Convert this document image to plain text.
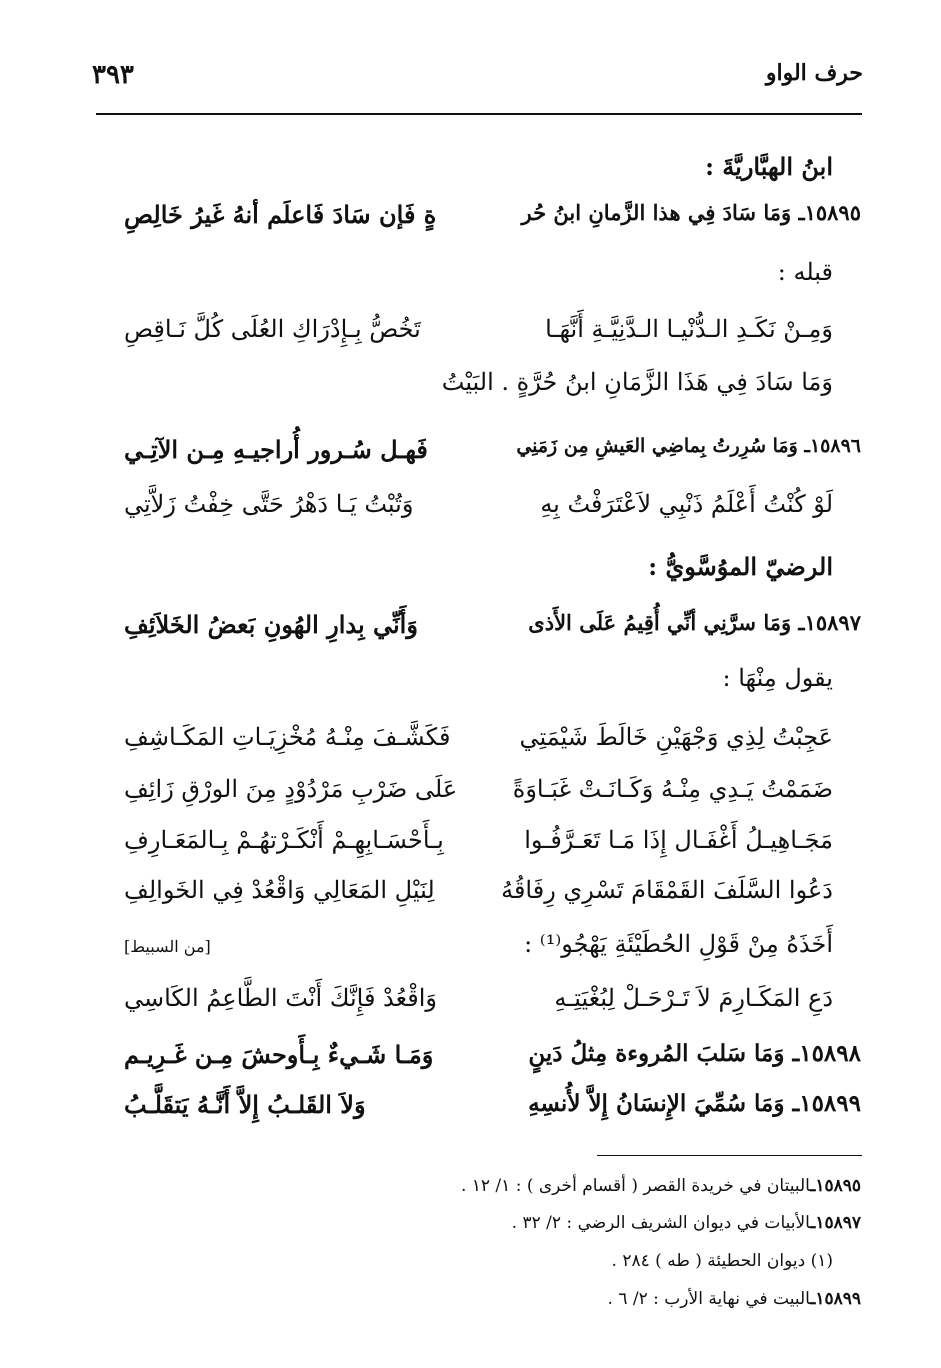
حرف الواو
٣٩٣
ابنُ الهبَّاريَّةَ :
١٥٨٩٥ـ وَمَا سَادَ فِي هذا الزَّمانِ ابنُ حُر
ةٍ فَإن سَادَ فَاعلَم أنهُ غَيرُ خَالِصِ
قبله :
وَمِـنْ نَكَـدِ الـدُّنْيـا الـدَّنِيَّـةِ أَنَّهَـا
تَخُصُّ بِـإِدْرَاكِ العُلَى كُلَّ نَـاقِصِ
وَمَا سَادَ فِي هَذَا الزَّمَانِ ابنُ حُرَّةٍ . البَيْتُ
١٥٨٩٦ـ وَمَا سُرِرتُ بِماضِي العَيشِ مِن زَمَنِي
فَهـل سُـرور أُراجيـهِ مِـن الآتِـي
لَوْ كُنْتُ أَعْلَمُ ذَنْبِي لاَعْتَرَفْتُ بِهِ
وَتُبْتُ يَـا دَهْرُ حَتَّى خِفْتُ زَلاَّتِي
الرضيّ الموُسَّويُّ :
١٥٨٩٧ـ وَمَا سرَّنِي أنِّي أُقِيمُ عَلَى الأَذى
وَأَنِّي بِدارِ الهُونِ بَعضُ الخَلاَئِفِ
يقول مِنْهَا :
عَجِبْتُ لِذِي وَجْهَيْنِ خَالَطَ شَيْمَتِي
فَكَشَّـفَ مِنْـهُ مُخْزِيَـاتِ المَكَـاشِفِ
ضَمَمْتُ يَـدِي مِنْـهُ وَكَـانَـتْ غَبَـاوَةً
عَلَى ضَرْبِ مَرْدُوْدٍ مِنَ الورْقِ زَائِفِ
مَجَـاهِيـلُ أَغْفَـال إِذَا مَـا تَعَـرَّفُـوا
بِـأَحْسَـابِهِـمْ أَنْكَـرْتهُـمْ بِـالمَعَـارِفِ
دَعُوا السَّلَفَ القَمْقَامَ تَسْرِي رِفَاقُهُ
لِنَيْلِ المَعَالِي وَاقْعُدْ فِي الخَوالِفِ
أَخَذَهُ مِنْ قَوْلِ الحُطَيْئَةِ يَهْجُو⁽¹⁾ :
دَعِ المَكَـارِمَ لاَ تَـرْحَـلْ لِبُغْيَتِـهِ
وَاقْعُدْ فَإِنَّكَ أَنْتَ الطَّاعِمُ الكَاسِي
١٥٨٩٨ـ وَمَا سَلبَ المُروءة مِثلُ دَينٍ
وَمَـا شَـيءٌ بِـأَوحشَ مِـن غَـرِيـم
١٥٨٩٩ـ وَمَا سُمِّيَ الإِنسَانُ إِلاَّ لأُنسِهِ
وَلاَ القَلـبُ إِلاَّ أَنَّـهُ يَتقَلَّـبُ
[من السبيط]
١٥٨٩٥ـالبيتان في خريدة القصر ( أقسام أخرى ) : ١/ ١٢ .
١٥٨٩٧ـالأبيات في ديوان الشريف الرضي : ٢/ ٣٢ .
(١) ديوان الحطيئة ( طه ) ٢٨٤ .
١٥٨٩٩ـالبيت في نهاية الأرب : ٢/ ٦ .
